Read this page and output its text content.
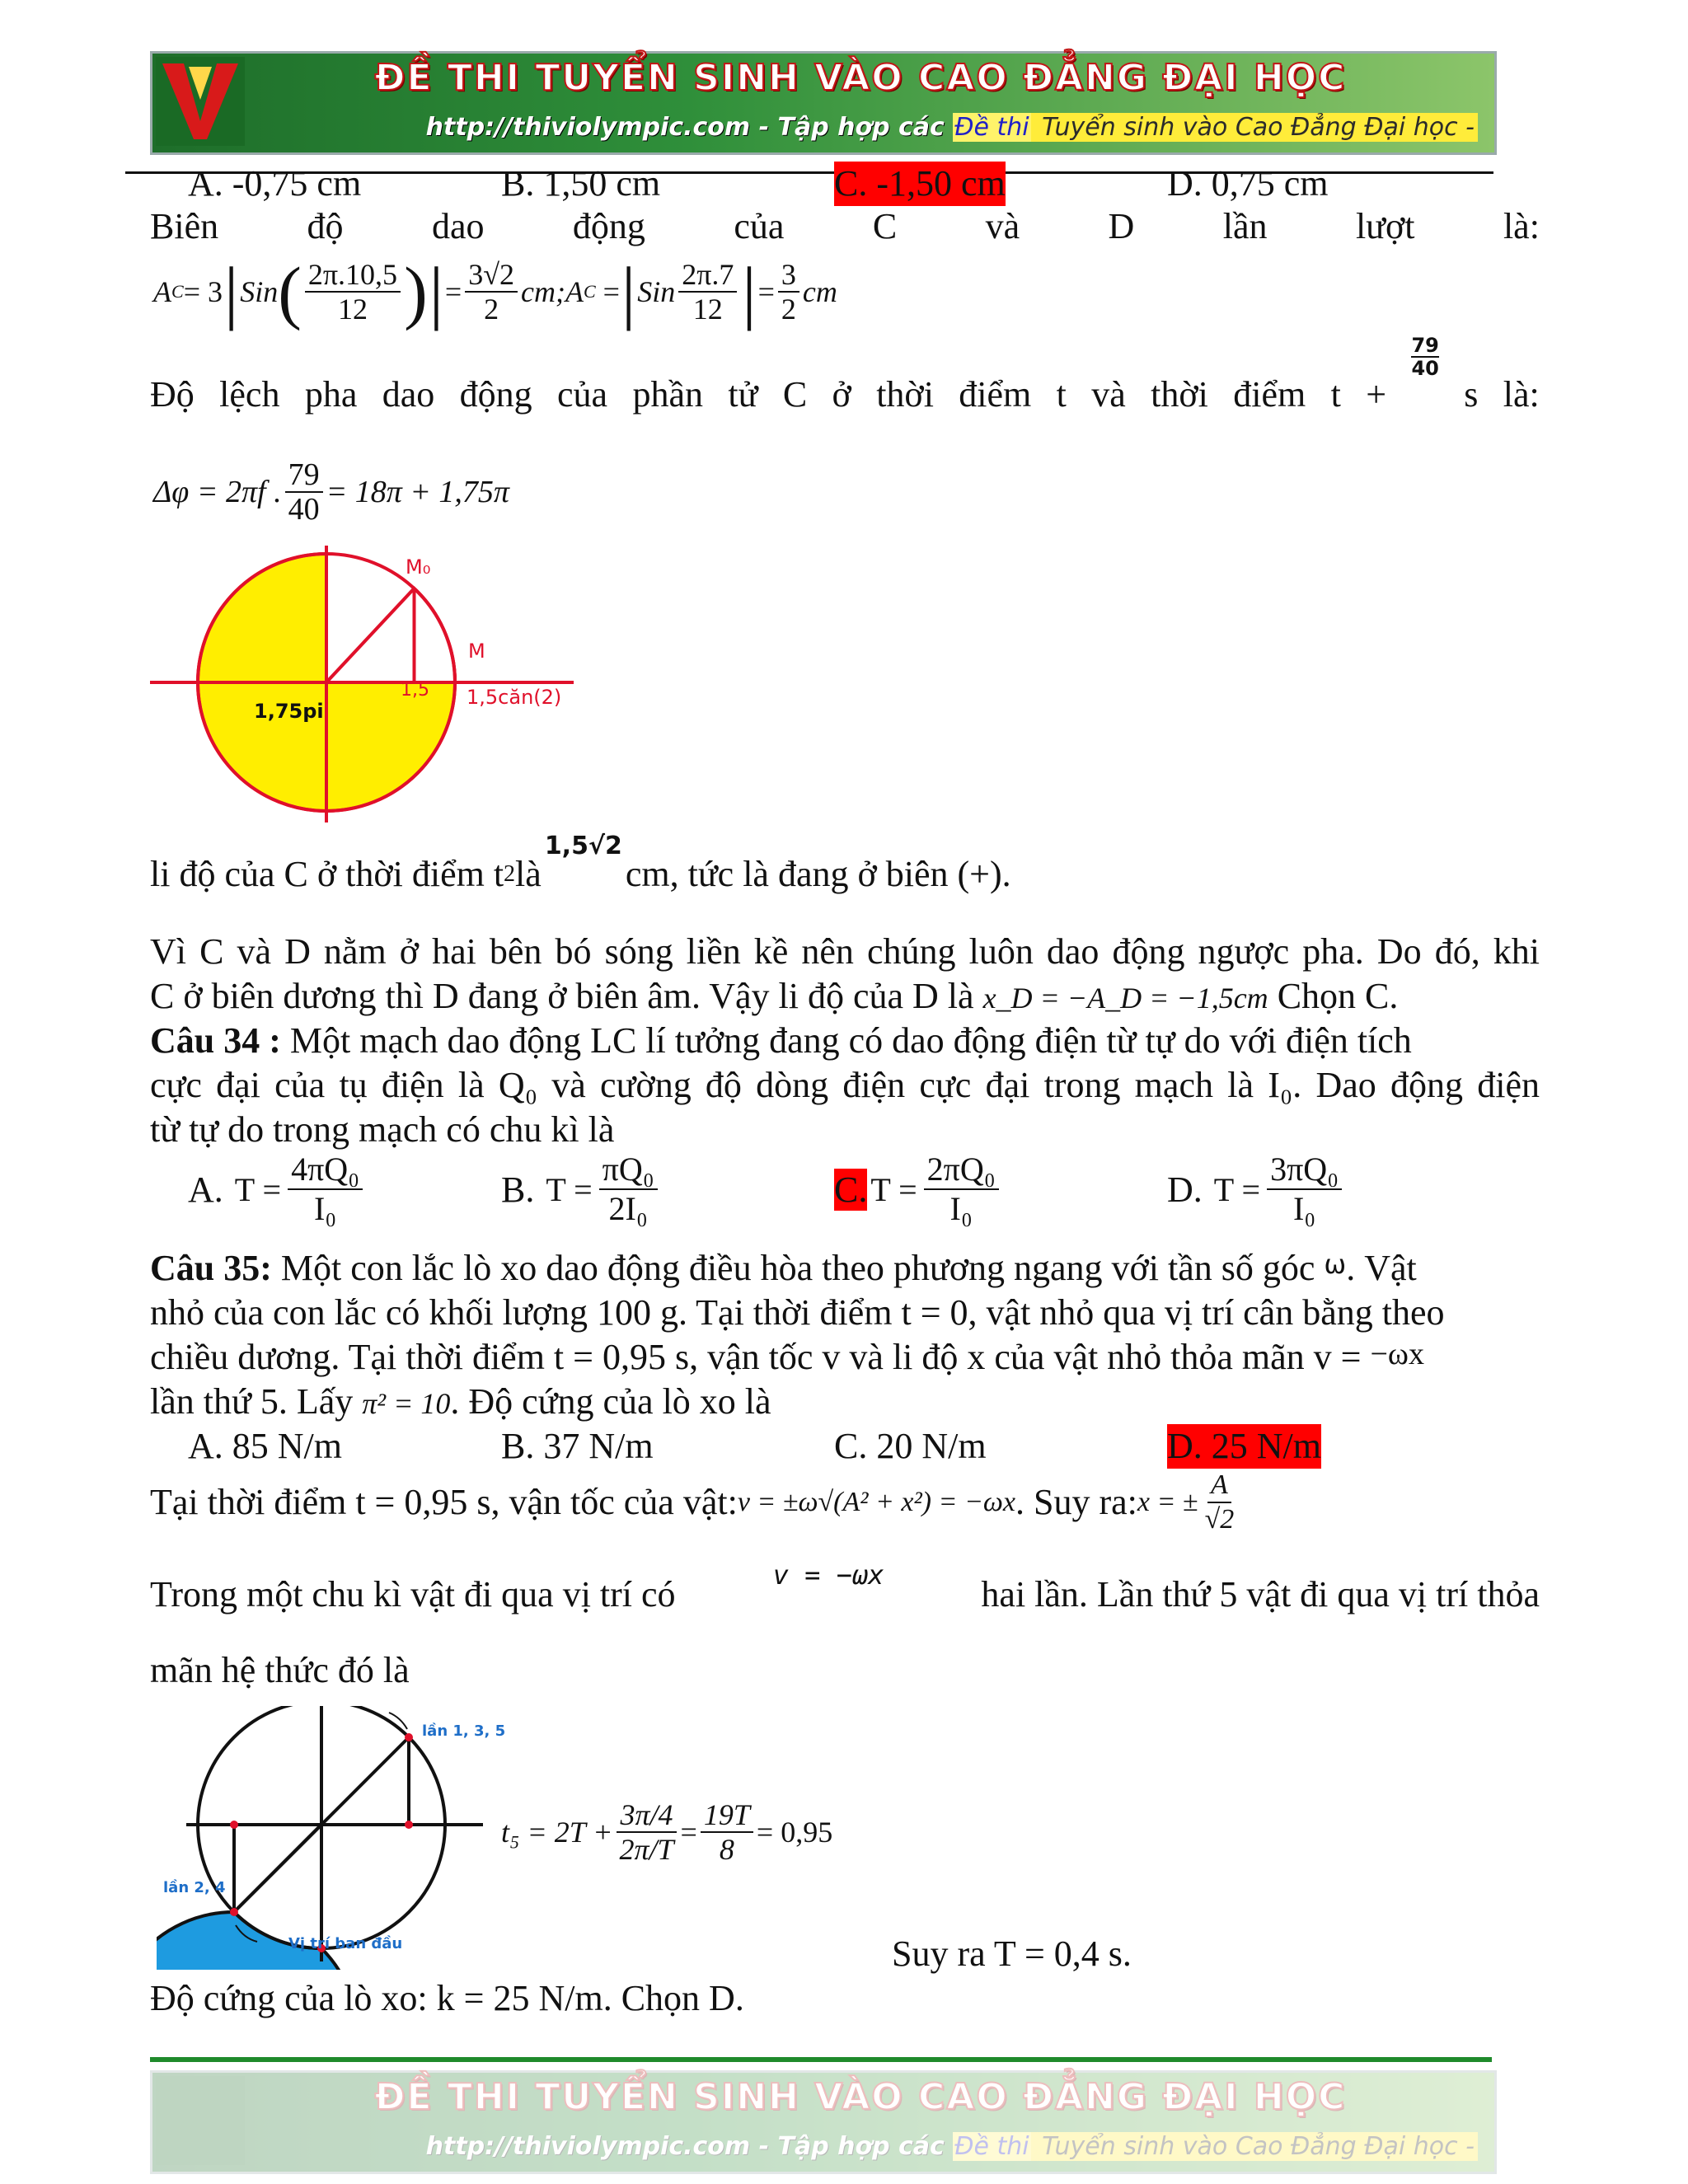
ĐỀ THI TUYỂN SINH VÀO CAO ĐẲNG ĐẠI HỌC
http://thiviolympic.com - Tập hợp các Đề thi Tuyển sinh vào Cao Đẳng Đại học -
A. -0,75 cm	B. 1,50 cm	C. -1,50 cm	D. 0,75 cm
Biên độ dao động của C và D lần lượt là:
A C = 3 | Sin ( $\frac{2\pi.10,5}{12}$ ) | = $\frac{3√2}{2}$ cm; A C = | Sin $\frac{2\pi.7}{12}$ | = $\frac{3}{2}$ cm
Độ lệch pha dao động của phần tử C ở thời điểm t và thời điểm t +
$\frac{79}{40}$
s là:
Δφ = 2πf . $\frac{79}{40} = 18\pi + 1,75\pi$
M₀
M
1,5 1,5căn(2)
1,75pi
li độ của C ở thời điểm t 2 là
1,5√2
cm, tức là đang ở biên (+).
Vì C và D nằm ở hai bên bó sóng liền kề nên chúng luôn dao động ngược pha. Do đó, khi
C ở biên dương thì D đang ở biên âm. Vậy li độ của D là x_D = −A_D = −1,5cm Chọn C.
Câu 34 : Một mạch dao động LC lí tưởng đang có dao động điện từ tự do với điện tích
cực đại của tụ điện là Q₀ và cường độ dòng điện cực đại trong mạch là I₀. Dao động điện
từ tự do trong mạch có chu kì là
A. $T = \frac{\text{4πQ₀}}{\text{I₀}}$	B. $T = \frac{\text{πQ₀}}{\text{2I₀}}$	C. $T = \frac{\text{2πQ₀}}{\text{I₀}}$	D. $T = \frac{\text{3πQ₀}}{\text{I₀}}$
Câu 35: Một con lắc lò xo dao động điều hòa theo phương ngang với tần số góc ω. Vật
nhỏ của con lắc có khối lượng 100 g. Tại thời điểm t = 0, vật nhỏ qua vị trí cân bằng theo
chiều dương. Tại thời điểm t = 0,95 s, vận tốc v và li độ x của vật nhỏ thỏa mãn v = −ωx
lần thứ 5. Lấy π² = 10. Độ cứng của lò xo là
A. 85 N/m	B. 37 N/m	C. 20 N/m	D. 25 N/m
Tại thời điểm t = 0,95 s, vận tốc của vật: v = ±ω√(A² + x²) = −ωx . Suy ra: x = ± $\frac{A}{√2}$
Trong một chu kì vật đi qua vị trí có	v = −ωx	hai lần. Lần thứ 5 vật đi qua vị trí thỏa
mãn hệ thức đó là
lần 1, 3, 5
lần 2, 4
Vị trí ban đầu
$t_5 = 2T + \frac{3\pi/4}{2\pi/T} = \frac{19T}{8} = 0,95$
Suy ra T = 0,4 s.
Độ cứng của lò xo: k = 25 N/m. Chọn D.
ĐỀ THI TUYỂN SINH VÀO CAO ĐẲNG ĐẠI HỌC
http://thiviolympic.com - Tập hợp các Đề thi Tuyển sinh vào Cao Đẳng Đại học -
